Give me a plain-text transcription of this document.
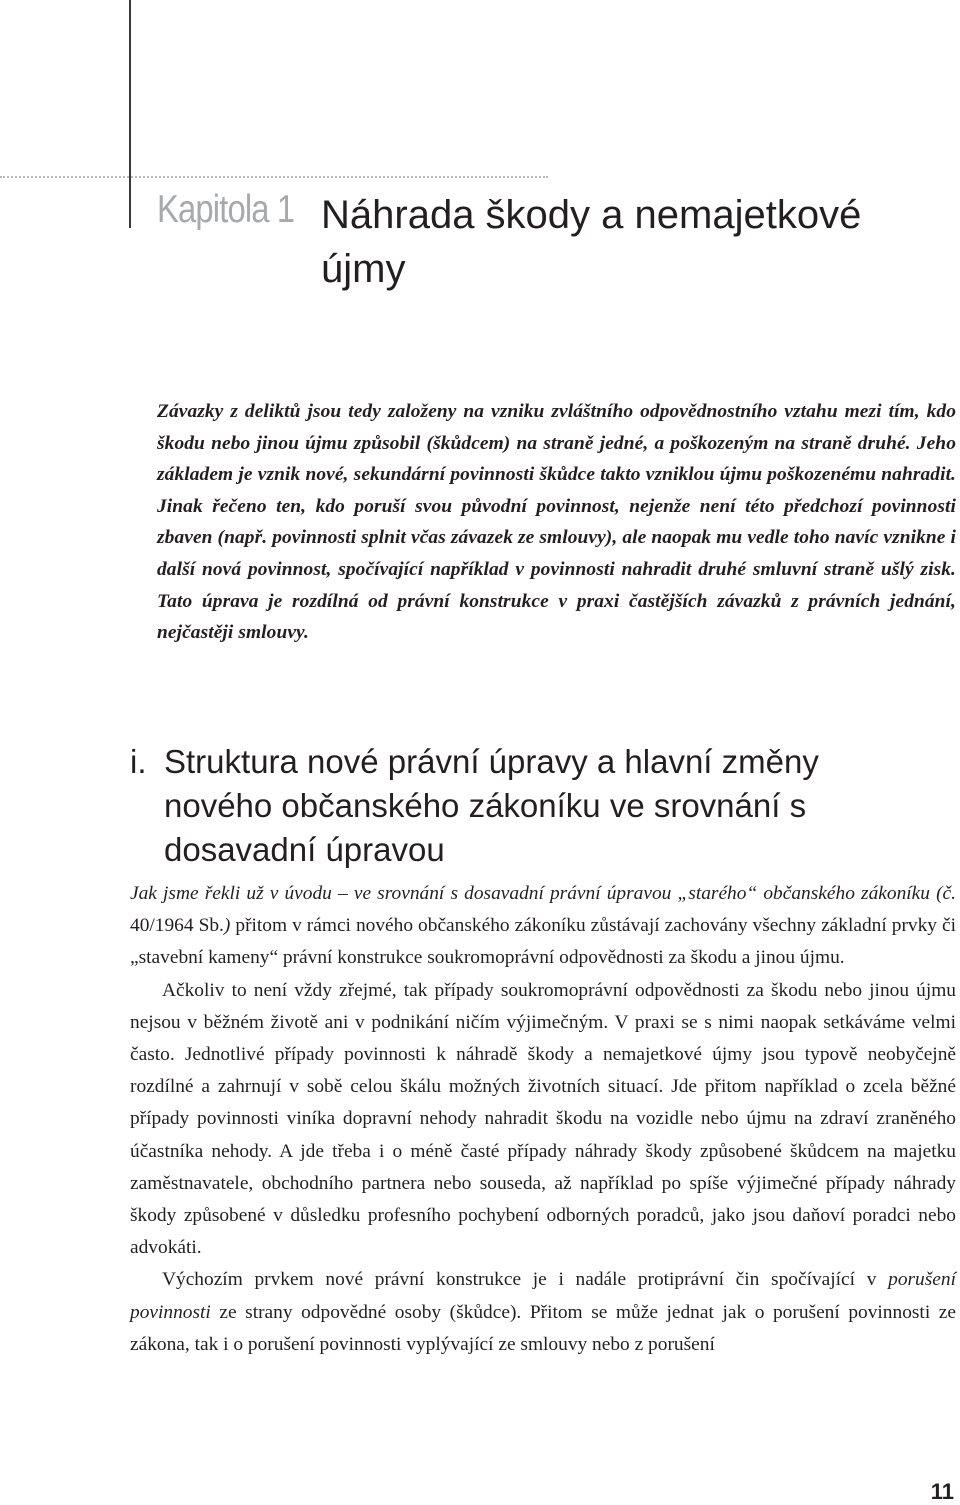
Kapitola 1 Náhrada škody a nemajetkové újmy

Závazky z deliktů jsou tedy založeny na vzniku zvláštního odpovědnostního vztahu mezi tím, kdo škodu nebo jinou újmu způsobil (škůdcem) na straně jedné, a poškozeným na straně druhé. Jeho základem je vznik nové, sekundární povinnosti škůdce takto vzniklou újmu poškozenému nahradit. Jinak řečeno ten, kdo poruší svou původní povinnost, nejenže není této předchozí povinnosti zbaven (např. povinnosti splnit včas závazek ze smlouvy), ale naopak mu vedle toho navíc vznikne i další nová povinnost, spočívající například v povinnosti nahradit druhé smluvní straně ušlý zisk. Tato úprava je rozdílná od právní konstrukce v praxi častějších závazků z právních jednání, nejčastěji smlouvy.

i. Struktura nové právní úpravy a hlavní změny nového občanského zákoníku ve srovnání s dosavadní úpravou

Jak jsme řekli už v úvodu – ve srovnání s dosavadní právní úpravou „starého“ občanského zákoníku (č. 40/1964 Sb.) přitom v rámci nového občanského zákoníku zůstávají zachovány všechny základní prvky či „stavební kameny“ právní konstrukce soukromoprávní odpovědnosti za škodu a jinou újmu.

Ačkoliv to není vždy zřejmé, tak případy soukromoprávní odpovědnosti za škodu nebo jinou újmu nejsou v běžném životě ani v podnikání ničím výjimečným. V praxi se s nimi naopak setkáváme velmi často. Jednotlivé případy povinnosti k náhradě škody a nemajetkové újmy jsou typově neobyčejně rozdílné a zahrnují v sobě celou škálu možných životních situací. Jde přitom například o zcela běžné případy povinnosti viníka dopravní nehody nahradit škodu na vozidle nebo újmu na zdraví zraněného účastníka nehody. A jde třeba i o méně časté případy náhrady škody způsobené škůdcem na majetku zaměstnavatele, obchodního partnera nebo souseda, až například po spíše výjimečné případy náhrady škody způsobené v důsledku profesního pochybení odborných poradců, jako jsou daňoví poradci nebo advokáti.

Výchozím prvkem nové právní konstrukce je i nadále protiprávní čin spočívající v porušení povinnosti ze strany odpovědné osoby (škůdce). Přitom se může jednat jak o porušení povinnosti ze zákona, tak i o porušení povinnosti vyplývající ze smlouvy nebo z porušení

11
